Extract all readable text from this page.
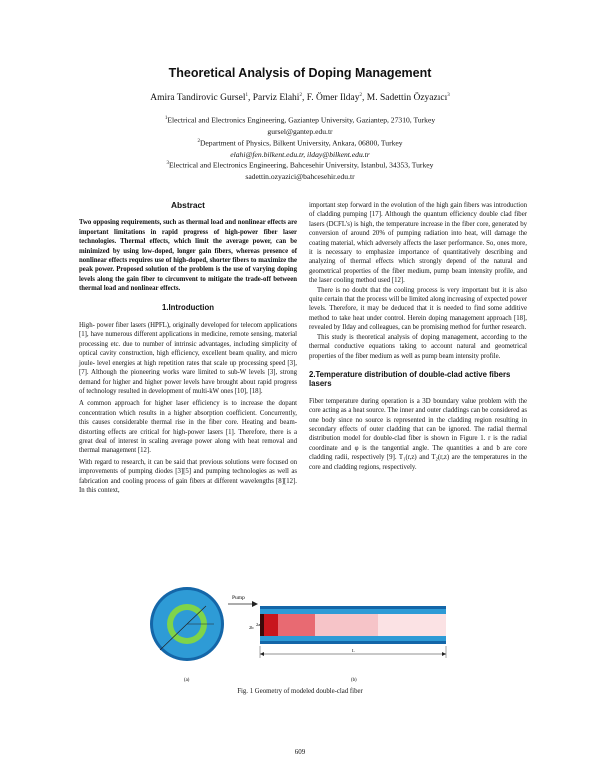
Theoretical Analysis of Doping Management
Amira Tandirovic Gursel$^1$, Parviz Elahi$^2$, F. Ömer Ilday$^2$, M. Sadettin Özyazıcı$^3$
$^1$Electrical and Electronics Engineering, Gaziantep University, Gaziantep, 27310, Turkey
gursel@gantep.edu.tr
$^2$Department of Physics, Bilkent University, Ankara, 06800, Turkey
elahi@fen.bilkent.edu.tr, ilday@bilkent.edu.tr
$^3$Electrical and Electronics Engineering, Bahcesehir University, Istanbul, 34353, Turkey
sadettin.ozyazici@bahcesehir.edu.tr

Abstract

Two opposing requirements, such as thermal load and nonlinear effects are important limitations in rapid progress of high-power fiber laser technologies. Thermal effects, which limit the average power, can be minimized by using low-doped, longer gain fibers, whereas presence of nonlinear effects requires use of high-doped, shorter fibers to maximize the peak power. Proposed solution of the problem is the use of varying doping levels along the gain fiber to circumvent to mitigate the trade-off between thermal load and nonlinear effects.

1.Introduction

High- power fiber lasers (HPFL), originally developed for telecom applications [1], have numerous different applications in medicine, remote sensing, material processing etc. due to number of intrinsic advantages, including simplicity of optical cavity construction, high efficiency, excellent beam quality, and micro joule- level energies at high repetition rates that scale up processing speed [3], [7]. Although the pioneering works ware limited to sub-W levels [3], strong demand for higher and higher power levels have brought about rapid progress of technology resulted in development of multi-kW ones [10], [18].

A common approach for higher laser efficiency is to increase the dopant concentration which results in a higher absorption coefficient. Concurrently, this causes considerable thermal rise in the fiber core. Heating and beam-distorting effects are critical for high-power lasers [1]. Therefore, there is a great deal of interest in scaling average power along with heat removal and thermal management [12].

With regard to research, it can be said that previous solutions were focused on improvements of pumping diodes [3][5] and pumping technologies as well as fabrication and cooling process of gain fibers at different wavelengths [8][12]. In this context,

important step forward in the evolution of the high gain fibers was introduction of cladding pumping [17]. Although the quantum efficiency double clad fiber lasers (DCFL's) is high, the temperature increase in the fiber core, generated by conversion of around 20% of pumping radiation into heat, will damage the coating material, which adversely affects the laser performance. So, ones more, it is necessary to emphasize importance of quantitatively describing and analyzing of thermal effects which strongly depend of the natural and geometrical properties of the fiber medium, pump beam intensity profile, and the laser cooling method used [12].

There is no doubt that the cooling process is very important but it is also quite certain that the process will be limited along increasing of expected power levels. Therefore, it may be deduced that it is needed to find some additive method to take heat under control. Herein doping management approach [18], revealed by Ilday and colleagues, can be promising method for further research.

This study is theoretical analysis of doping management, according to the thermal conductive equations taking to account natural and geometrical properties of the fiber medium as well as pump beam intensity profile.

2.Temperature distribution of double-clad active fibers lasers

Fiber temperature during operation is a 3D boundary value problem with the core acting as a heat source. The inner and outer claddings can be considered as one body since no source is represented in the cladding region resulting in secondary effects of outer cladding that can be ignored. The radial thermal distribution model for double-clad fiber is shown in Figure 1. r is the radial coordinate and φ is the tangential angle. The quantities a and b are core cladding radii, respectively [9]. T₁(r,z) and T₂(r,z) are the temperatures in the core and cladding regions, respectively.

Pump
2b
2a
L
(a)	(b)
Fig. 1 Geometry of modeled double-clad fiber
609
